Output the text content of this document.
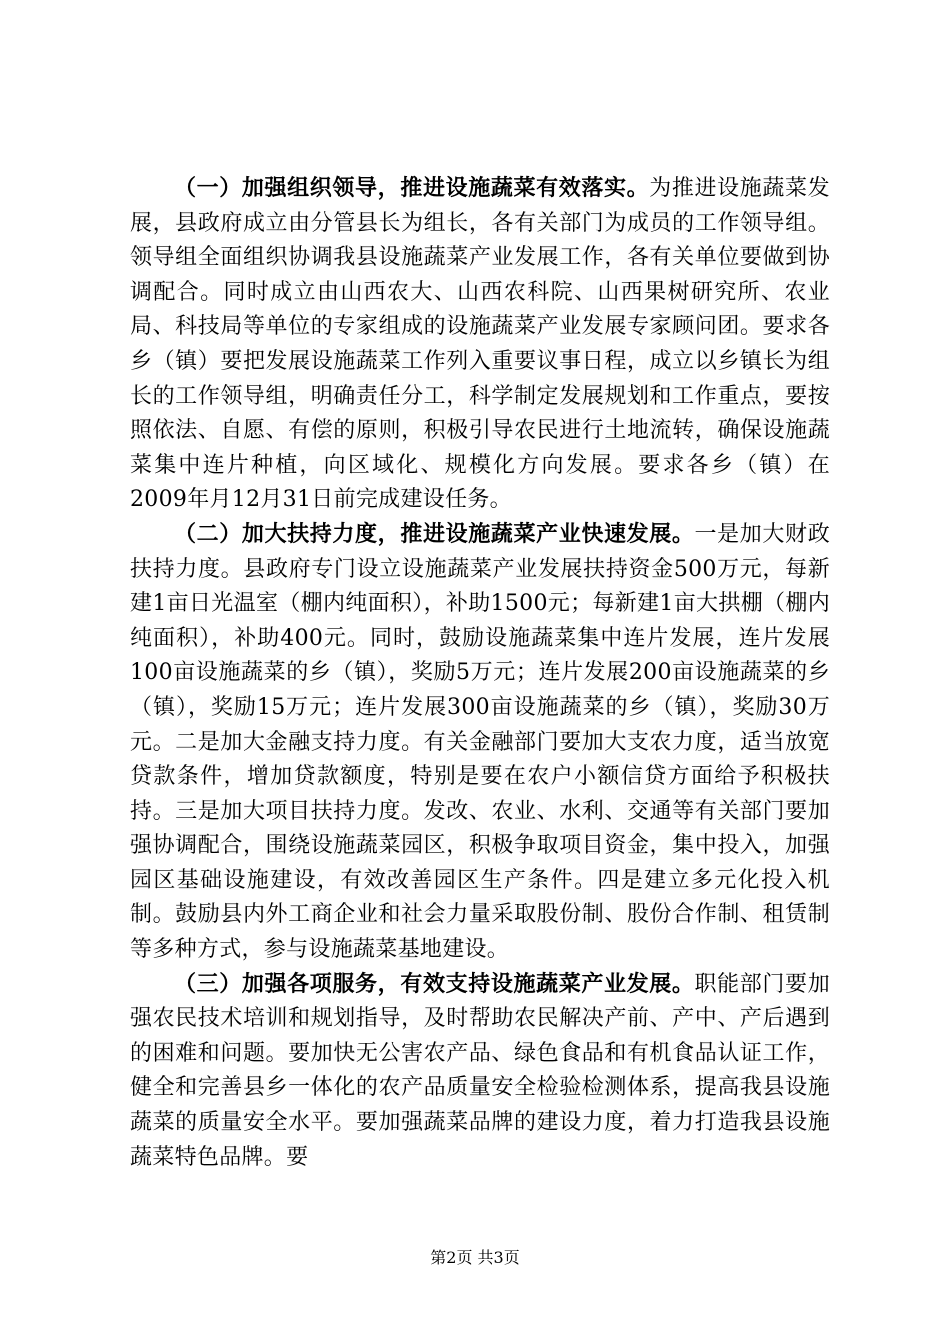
（一）加强组织领导，推进设施蔬菜有效落实。为推进设施蔬菜发展，县政府成立由分管县长为组长，各有关部门为成员的工作领导组。领导组全面组织协调我县设施蔬菜产业发展工作，各有关单位要做到协调配合。同时成立由山西农大、山西农科院、山西果树研究所、农业局、科技局等单位的专家组成的设施蔬菜产业发展专家顾问团。要求各乡（镇）要把发展设施蔬菜工作列入重要议事日程，成立以乡镇长为组长的工作领导组，明确责任分工，科学制定发展规划和工作重点，要按照依法、自愿、有偿的原则，积极引导农民进行土地流转，确保设施蔬菜集中连片种植，向区域化、规模化方向发展。要求各乡（镇）在2009年月12月31日前完成建设任务。

（二）加大扶持力度，推进设施蔬菜产业快速发展。一是加大财政扶持力度。县政府专门设立设施蔬菜产业发展扶持资金500万元，每新建1亩日光温室（棚内纯面积），补助1500元；每新建1亩大拱棚（棚内纯面积），补助400元。同时，鼓励设施蔬菜集中连片发展，连片发展100亩设施蔬菜的乡（镇），奖励5万元；连片发展200亩设施蔬菜的乡（镇），奖励15万元；连片发展300亩设施蔬菜的乡（镇），奖励30万元。二是加大金融支持力度。有关金融部门要加大支农力度，适当放宽贷款条件，增加贷款额度，特别是要在农户小额信贷方面给予积极扶持。三是加大项目扶持力度。发改、农业、水利、交通等有关部门要加强协调配合，围绕设施蔬菜园区，积极争取项目资金，集中投入，加强园区基础设施建设，有效改善园区生产条件。四是建立多元化投入机制。鼓励县内外工商企业和社会力量采取股份制、股份合作制、租赁制等多种方式，参与设施蔬菜基地建设。

（三）加强各项服务，有效支持设施蔬菜产业发展。职能部门要加强农民技术培训和规划指导，及时帮助农民解决产前、产中、产后遇到的困难和问题。要加快无公害农产品、绿色食品和有机食品认证工作，健全和完善县乡一体化的农产品质量安全检验检测体系，提高我县设施蔬菜的质量安全水平。要加强蔬菜品牌的建设力度，着力打造我县设施蔬菜特色品牌。要

第2页 共3页
